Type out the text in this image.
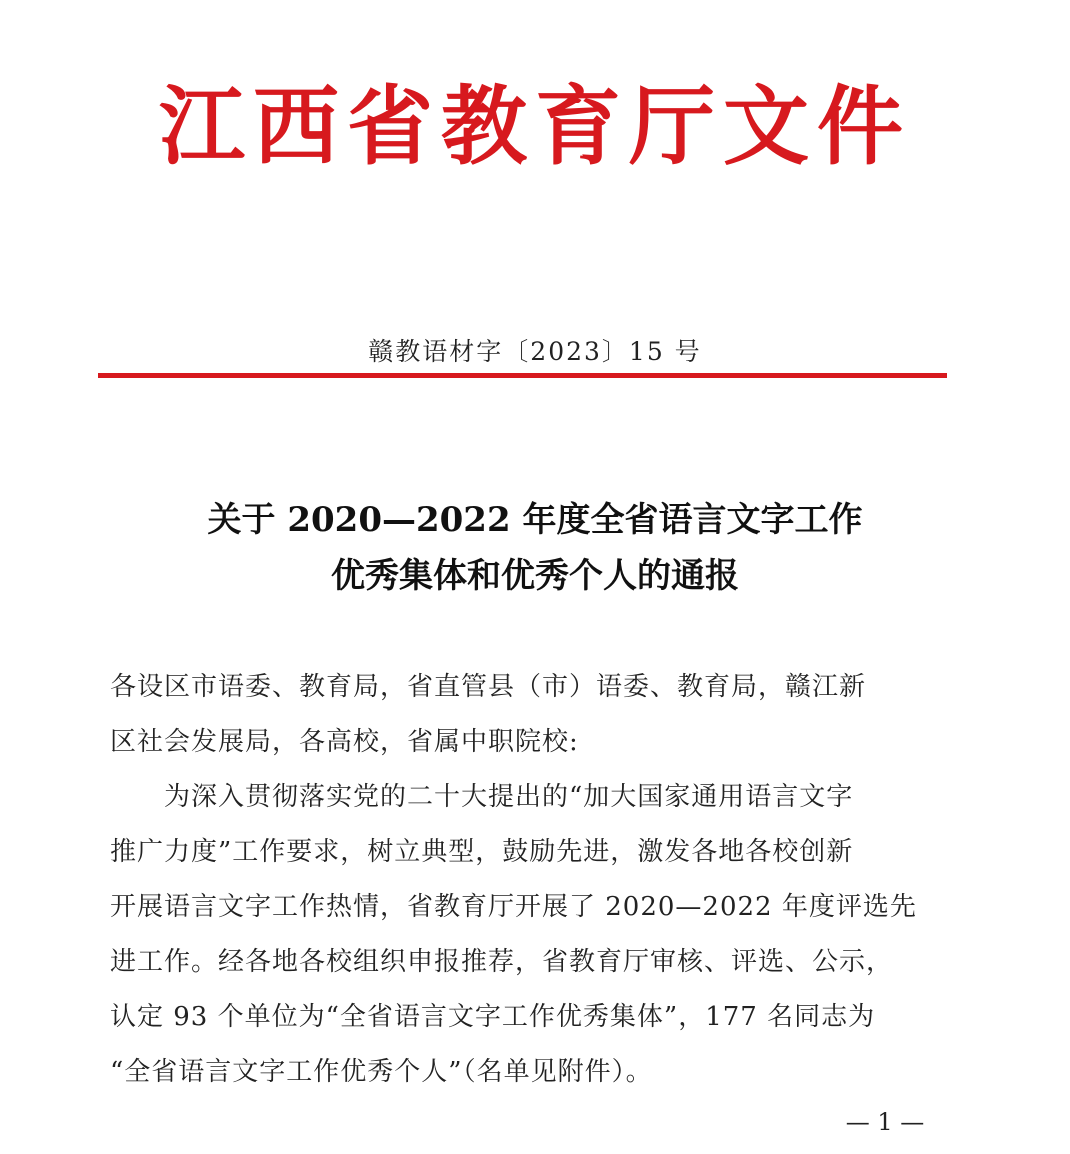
江西省教育厅文件
赣教语材字〔2023〕15 号
关于 2020—2022 年度全省语言文字工作
优秀集体和优秀个人的通报
各设区市语委、教育局，省直管县（市）语委、教育局，赣江新
区社会发展局，各高校，省属中职院校:
　　为深入贯彻落实党的二十大提出的“加大国家通用语言文字
推广力度”工作要求，树立典型，鼓励先进，激发各地各校创新
开展语言文字工作热情，省教育厅开展了 2020—2022 年度评选先
进工作。经各地各校组织申报推荐，省教育厅审核、评选、公示，
认定 93 个单位为“全省语言文字工作优秀集体”，177 名同志为
“全省语言文字工作优秀个人”（名单见附件）。
— 1 —
